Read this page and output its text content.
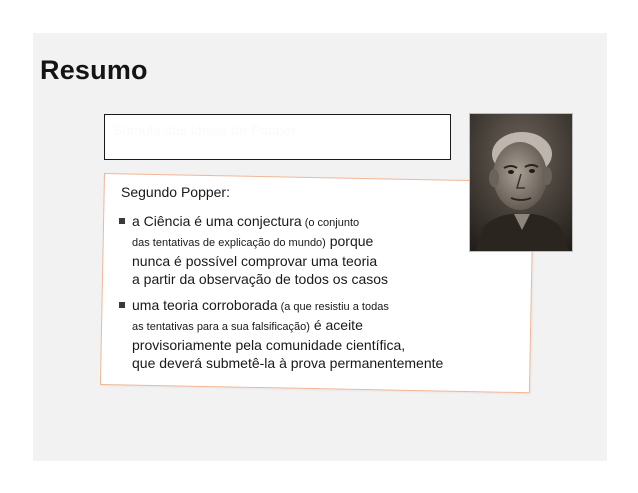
Resumo
Súmula das ideias de Popper

Segundo Popper:

a Ciência é uma conjectura (o conjunto
das tentativas de explicação do mundo) porque
nunca é possível comprovar uma teoria
a partir da observação de todos os casos
uma teoria corroborada (a que resistiu a todas
as tentativas para a sua falsificação) é aceite
provisoriamente pela comunidade científica,
que deverá submetê-la à prova permanentemente
